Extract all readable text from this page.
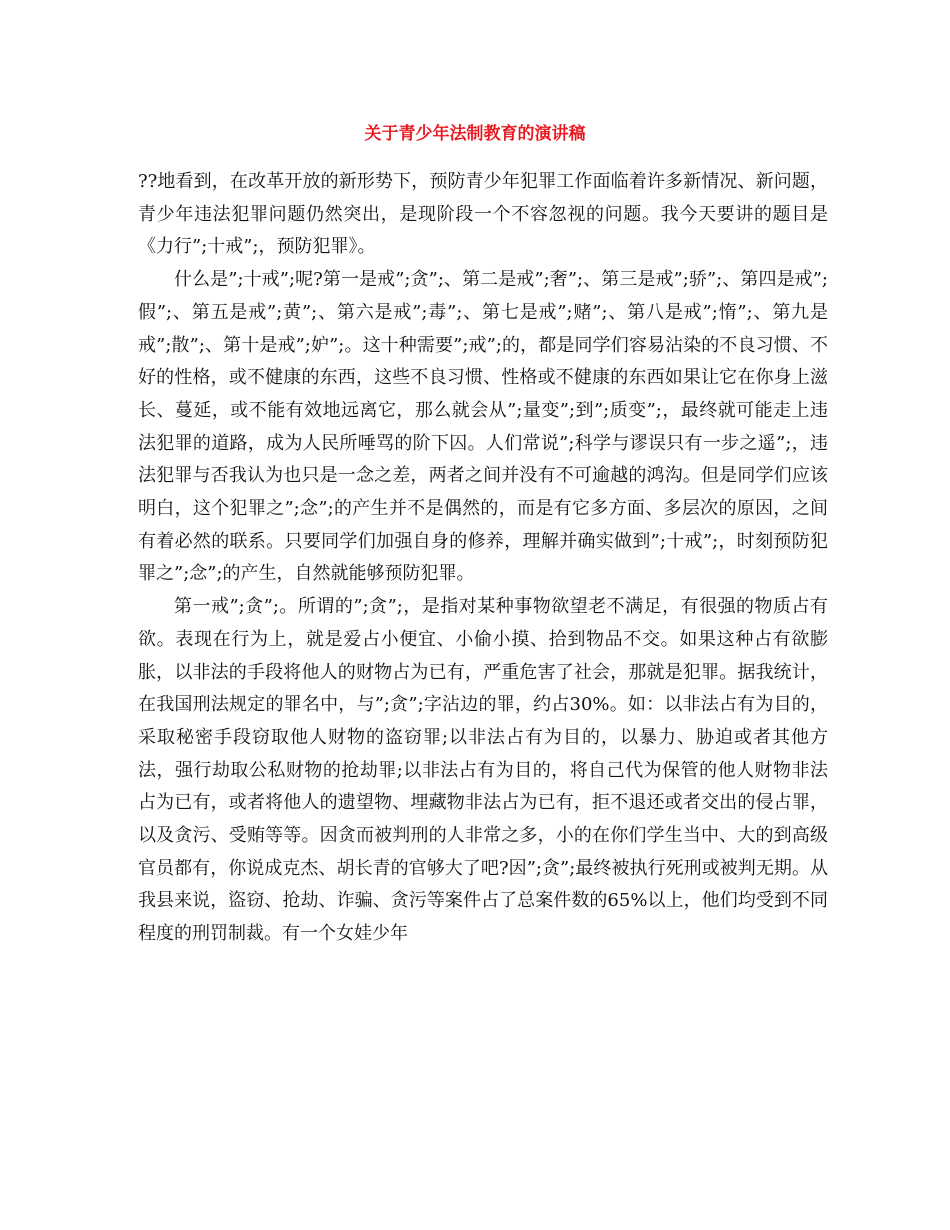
关于青少年法制教育的演讲稿

??地看到，在改革开放的新形势下，预防青少年犯罪工作面临着许多新情况、新问题，青少年违法犯罪问题仍然突出，是现阶段一个不容忽视的问题。我今天要讲的题目是《力行”;十戒”;，预防犯罪》。

什么是”;十戒”;呢?第一是戒”;贪”;、第二是戒”;奢”;、第三是戒”;骄”;、第四是戒”;假”;、第五是戒”;黄”;、第六是戒”;毒”;、第七是戒”;赌”;、第八是戒”;惰”;、第九是戒”;散”;、第十是戒”;妒”;。这十种需要”;戒”;的，都是同学们容易沾染的不良习惯、不好的性格，或不健康的东西，这些不良习惯、性格或不健康的东西如果让它在你身上滋长、蔓延，或不能有效地远离它，那么就会从”;量变”;到”;质变”;，最终就可能走上违法犯罪的道路，成为人民所唾骂的阶下囚。人们常说”;科学与谬误只有一步之遥”;，违法犯罪与否我认为也只是一念之差，两者之间并没有不可逾越的鸿沟。但是同学们应该明白，这个犯罪之”;念”;的产生并不是偶然的，而是有它多方面、多层次的原因，之间有着必然的联系。只要同学们加强自身的修养，理解并确实做到”;十戒”;，时刻预防犯罪之”;念”;的产生，自然就能够预防犯罪。

第一戒”;贪”;。所谓的”;贪”;，是指对某种事物欲望老不满足，有很强的物质占有欲。表现在行为上，就是爱占小便宜、小偷小摸、拾到物品不交。如果这种占有欲膨胀，以非法的手段将他人的财物占为已有，严重危害了社会，那就是犯罪。据我统计，在我国刑法规定的罪名中，与”;贪”;字沾边的罪，约占30%。如：以非法占有为目的，采取秘密手段窃取他人财物的盗窃罪;以非法占有为目的，以暴力、胁迫或者其他方法，强行劫取公私财物的抢劫罪;以非法占有为目的，将自己代为保管的他人财物非法占为已有，或者将他人的遗望物、埋藏物非法占为已有，拒不退还或者交出的侵占罪，以及贪污、受贿等等。因贪而被判刑的人非常之多，小的在你们学生当中、大的到高级官员都有，你说成克杰、胡长青的官够大了吧?因”;贪”;最终被执行死刑或被判无期。从我县来说，盜窃、抢劫、诈骗、贪污等案件占了总案件数的65%以上，他们均受到不同程度的刑罚制裁。有一个女娃少年
